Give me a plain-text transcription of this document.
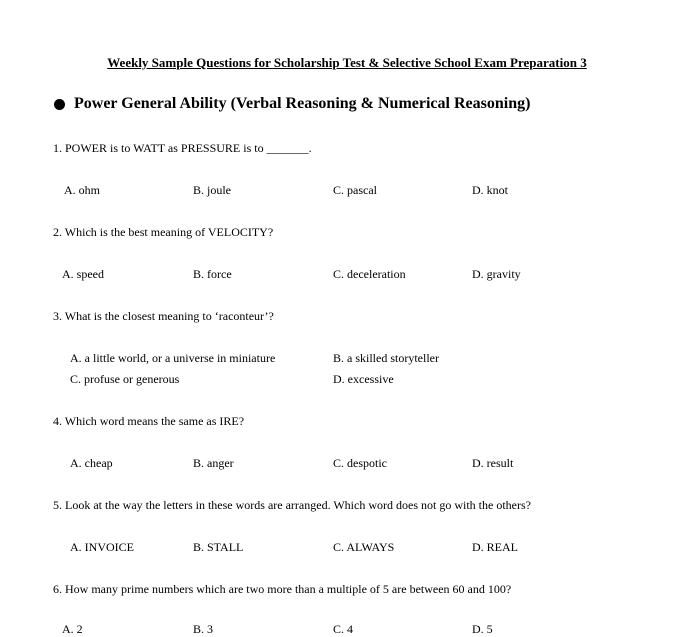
Weekly Sample Questions for Scholarship Test & Selective School Exam Preparation 3
Power General Ability (Verbal Reasoning & Numerical Reasoning)
1. POWER is to WATT as PRESSURE is to _______.
A. ohm	B. joule	C. pascal	D. knot
2. Which is the best meaning of VELOCITY?
A. speed	B. force	C. deceleration	D. gravity
3. What is the closest meaning to ‘raconteur’?
A. a little world, or a universe in miniature	B. a skilled storyteller
C. profuse or generous	D. excessive
4. Which word means the same as IRE?
A. cheap	B. anger	C. despotic	D. result
5. Look at the way the letters in these words are arranged. Which word does not go with the others?
A. INVOICE	B. STALL	C. ALWAYS	D. REAL
6. How many prime numbers which are two more than a multiple of 5 are between 60 and 100?
A. 2	B. 3	C. 4	D. 5
